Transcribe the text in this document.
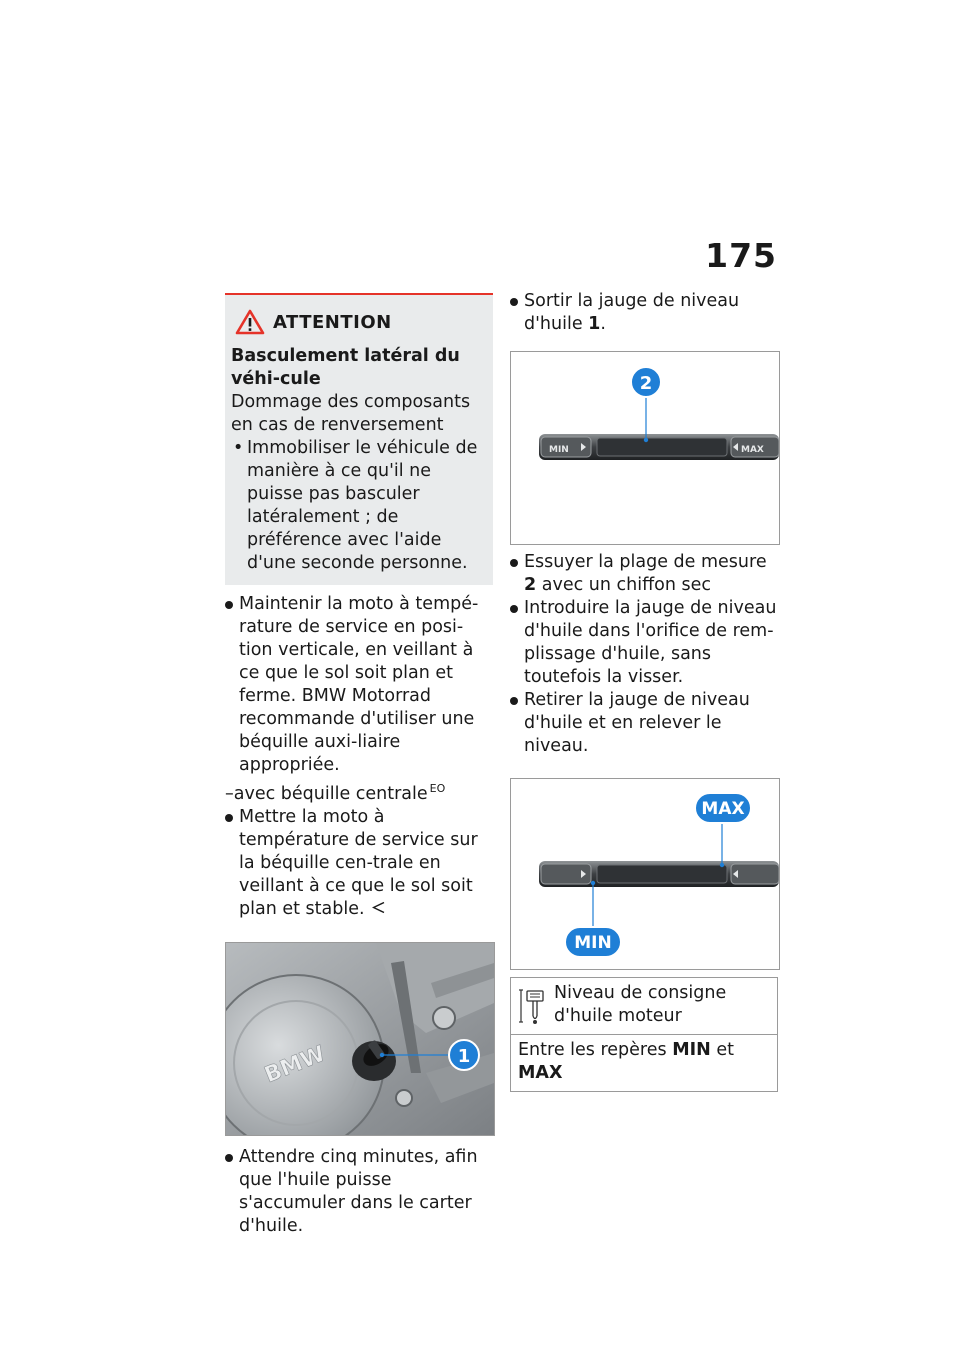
175
ATTENTION
Basculement latéral du véhi-cule
Dommage des composants en cas de renversement
• Immobiliser le véhicule de manière à ce qu'il ne puisse pas basculer latéralement ; de préférence avec l'aide d'une seconde personne.
Maintenir la moto à tempé-rature de service en posi-tion verticale, en veillant à ce que le sol soit plan et ferme. BMW Motorrad recommande d'utiliser une béquille auxi-liaire appropriée.
–avec béquille centrale $^{EO}$
Mettre la moto à température de service sur la béquille cen-trale en veillant à ce que le sol soit plan et stable.
BMW	1
Attendre cinq minutes, afin que l'huile puisse s'accumuler dans le carter d'huile.
Sortir la jauge de niveau d'huile 1.
MIN	MAX
2
Essuyer la plage de mesure 2 avec un chiffon sec
Introduire la jauge de niveau d'huile dans l'orifice de rem-plissage d'huile, sans toutefois la visser.
Retirer la jauge de niveau d'huile et en relever le niveau.
MAX
MIN
Niveau de consigne d'huile moteur

Entre les repères MIN et MAX
